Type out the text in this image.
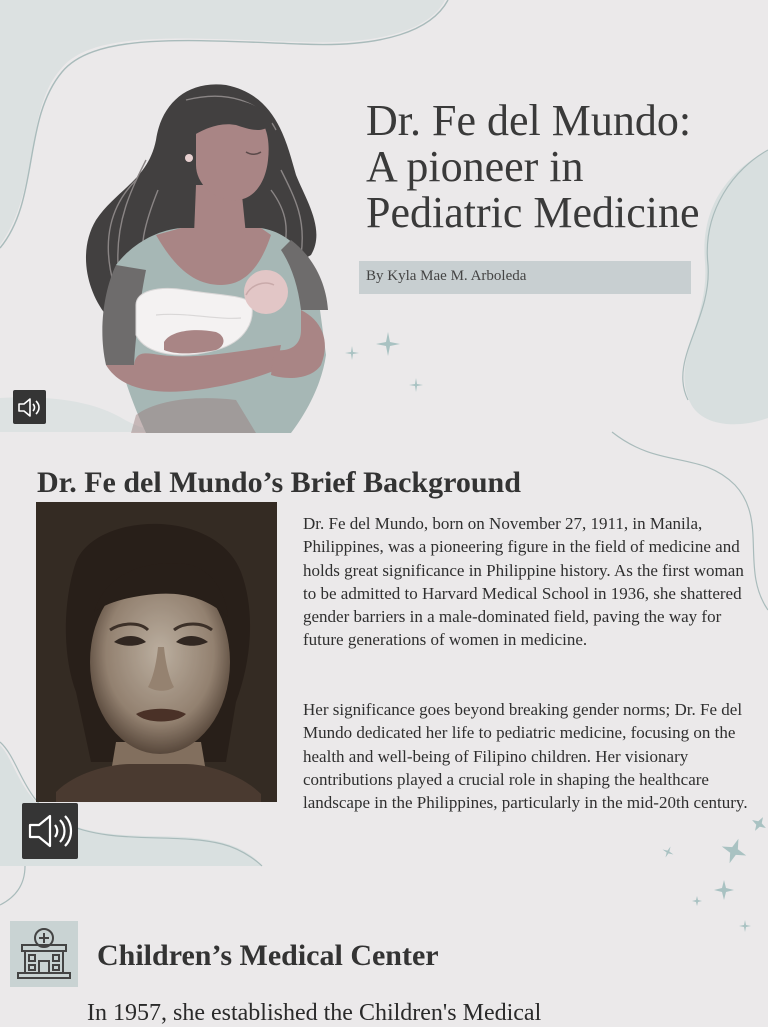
Dr. Fe del Mundo:
A pioneer in
Pediatric Medicine
By Kyla Mae M. Arboleda
Dr. Fe del Mundo’s Brief Background

Dr. Fe del Mundo, born on November 27, 1911, in Manila, Philippines, was a pioneering figure in the field of medicine and holds great significance in Philippine history. As the first woman to be admitted to Harvard Medical School in 1936, she shattered gender barriers in a male-dominated field, paving the way for future generations of women in medicine.

Her significance goes beyond breaking gender norms; Dr. Fe del Mundo dedicated her life to pediatric medicine, focusing on the health and well-being of Filipino children. Her visionary contributions played a crucial role in shaping the healthcare landscape in the Philippines, particularly in the mid-20th century.

Children’s Medical Center

In 1957, she established the Children's Medical
